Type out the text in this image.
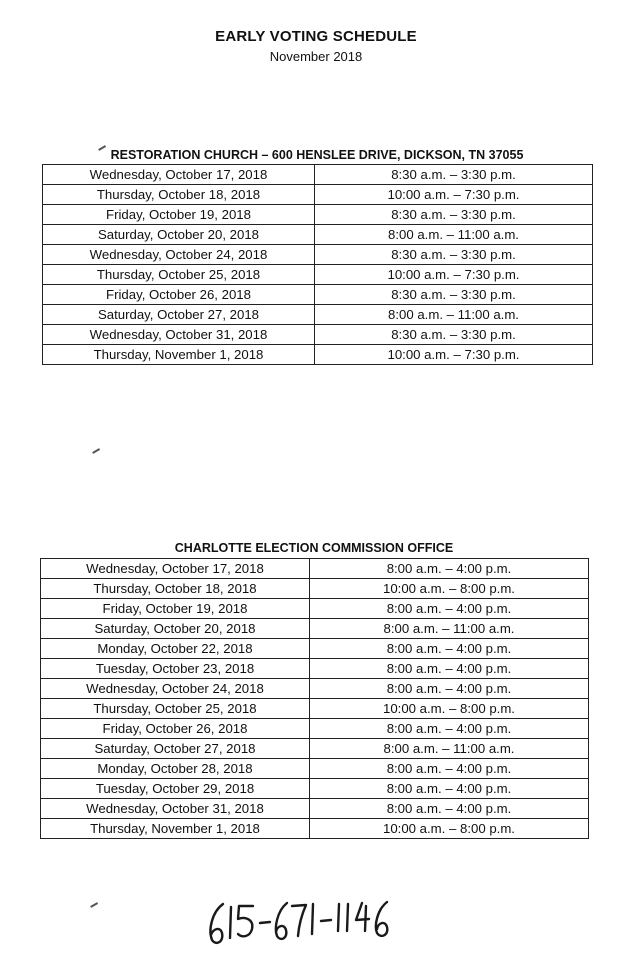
EARLY VOTING SCHEDULE
November 2018
RESTORATION CHURCH – 600 HENSLEE DRIVE, DICKSON, TN 37055
Wednesday, October 17, 2018	8:30 a.m. – 3:30 p.m.
Thursday, October 18, 2018	10:00 a.m. – 7:30 p.m.
Friday, October 19, 2018	8:30 a.m. – 3:30 p.m.
Saturday, October 20, 2018	8:00 a.m. – 11:00 a.m.
Wednesday, October 24, 2018	8:30 a.m. – 3:30 p.m.
Thursday, October 25, 2018	10:00 a.m. – 7:30 p.m.
Friday, October 26, 2018	8:30 a.m. – 3:30 p.m.
Saturday, October 27, 2018	8:00 a.m. – 11:00 a.m.
Wednesday, October 31, 2018	8:30 a.m. – 3:30 p.m.
Thursday, November 1, 2018	10:00 a.m. – 7:30 p.m.
CHARLOTTE ELECTION COMMISSION OFFICE
Wednesday, October 17, 2018	8:00 a.m. – 4:00 p.m.
Thursday, October 18, 2018	10:00 a.m. – 8:00 p.m.
Friday, October 19, 2018	8:00 a.m. – 4:00 p.m.
Saturday, October 20, 2018	8:00 a.m. – 11:00 a.m.
Monday, October 22, 2018	8:00 a.m. – 4:00 p.m.
Tuesday, October 23, 2018	8:00 a.m. – 4:00 p.m.
Wednesday, October 24, 2018	8:00 a.m. – 4:00 p.m.
Thursday, October 25, 2018	10:00 a.m. – 8:00 p.m.
Friday, October 26, 2018	8:00 a.m. – 4:00 p.m.
Saturday, October 27, 2018	8:00 a.m. – 11:00 a.m.
Monday, October 28, 2018	8:00 a.m. – 4:00 p.m.
Tuesday, October 29, 2018	8:00 a.m. – 4:00 p.m.
Wednesday, October 31, 2018	8:00 a.m. – 4:00 p.m.
Thursday, November 1, 2018	10:00 a.m. – 8:00 p.m.
